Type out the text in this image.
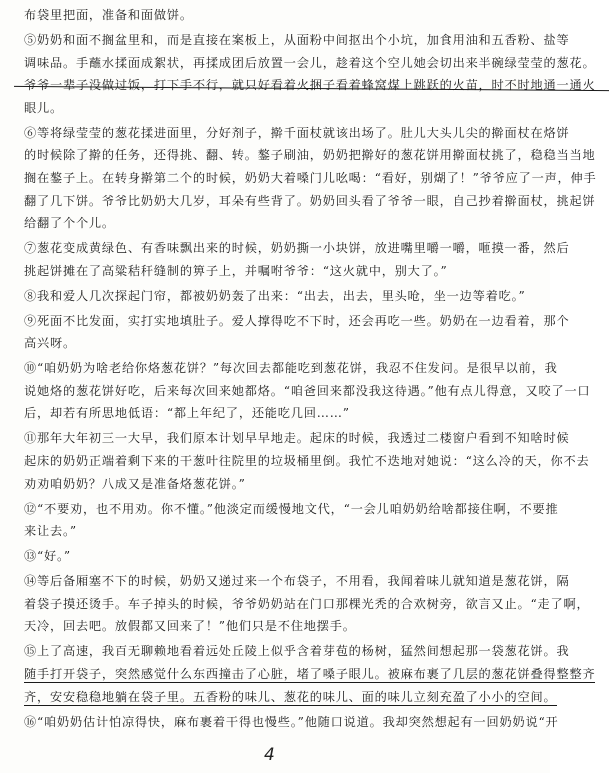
布袋里把面，准备和面做饼。
⑤奶奶和面不搁盆里和，而是直接在案板上，从面粉中间抠出个小坑，加食用油和五香粉、盐等
调味品。手蘸水揉面成絮状，再揉成团后放置一会儿，趁着这个空儿她会切出来半碗绿莹莹的葱花。
爷爷一辈子没做过饭，打下手不行，就只好看着火捆子看着蜂窝煤上跳跃的火苗，时不时地通一通火
眼儿。
⑥等将绿莹莹的葱花揉进面里，分好剂子，擀千面杖就该出场了。肚儿大头儿尖的擀面杖在烙饼
的时候除了擀的任务，还得挑、翻、转。鏊子刷油，奶奶把擀好的葱花饼用擀面杖挑了，稳稳当当地
搁在鏊子上。在转身擀第二个的时候，奶奶大着嗓门儿吆喝：“看好，别煳了！”爷爷应了一声，伸手
翻了几下饼。爷爷比奶奶大几岁，耳朵有些背了。奶奶回头看了爷爷一眼，自己抄着擀面杖，挑起饼
给翻了个个儿。
⑦葱花变成黄绿色、有香味飘出来的时候，奶奶撕一小块饼，放进嘴里嚼一嚼，咂摸一番，然后
挑起饼摊在了高粱秸秆缝制的箅子上，并嘱咐爷爷：“这火就中，别大了。”
⑧我和爱人几次探起门帘，都被奶奶轰了出来：“出去，出去，里头呛，坐一边等着吃。”
⑨死面不比发面，实打实地填肚子。爱人撑得吃不下时，还会再吃一些。奶奶在一边看着，那个
高兴呀。
⑩“咱奶奶为啥老给你烙葱花饼？”每次回去都能吃到葱花饼，我忍不住发问。是很早以前，我
说她烙的葱花饼好吃，后来每次回来她都烙。“咱爸回来都没我这待遇。”他有点儿得意，又咬了一口
后，却若有所思地低语：“都上年纪了，还能吃几回……”
⑪那年大年初三一大早，我们原本计划早早地走。起床的时候，我透过二楼窗户看到不知啥时候
起床的奶奶正端着剩下来的干葱叶往院里的垃圾桶里倒。我忙不迭地对她说：“这么冷的天，你不去
劝劝咱奶奶？八成又是准备烙葱花饼。”
⑫“不要劝，也不用劝。你不懂。”他淡定而缓慢地文代，“一会儿咱奶奶给啥都接住啊，不要推
来让去。”
⑬“好。”
⑭等后备厢塞不下的时候，奶奶又递过来一个布袋子，不用看，我闻着味儿就知道是葱花饼，隔
着袋子摸还烫手。车子掉头的时候，爷爷奶奶站在门口那棵光秃的合欢树旁，欲言又止。“走了啊，
天冷，回去吧。放假都又回来了！”他们只是不住地摆手。
⑮上了高速，我百无聊赖地看着远处丘陵上似乎含着芽苞的杨树，猛然间想起那一袋葱花饼。我
随手打开袋子，突然感觉什么东西撞击了心脏，堵了嗓子眼儿。被麻布裹了几层的葱花饼叠得整整齐
齐，安安稳稳地躺在袋子里。五香粉的味儿、葱花的味儿、面的味儿立刻充盈了小小的空间。
⑯“咱奶奶估计怕凉得快，麻布裹着干得也慢些。”他随口说道。我却突然想起有一回奶奶说“开
4
